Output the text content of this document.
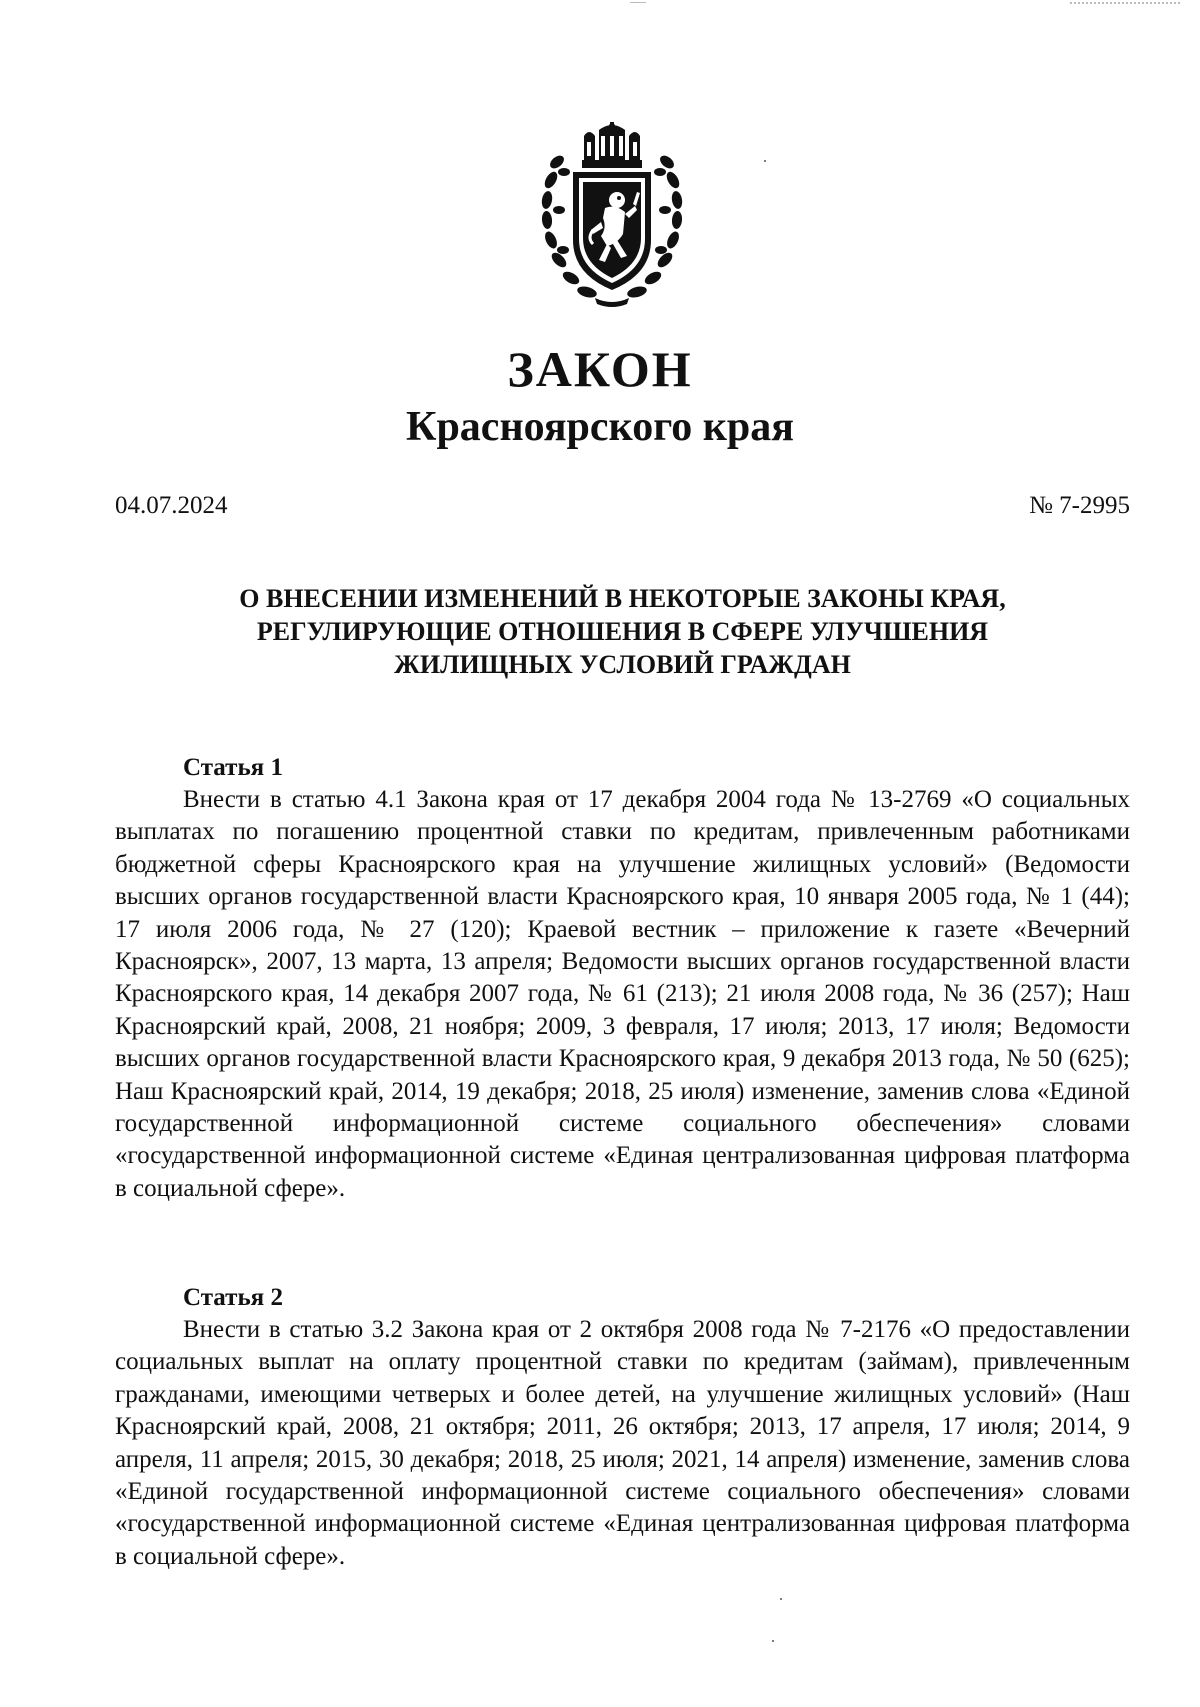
ЗАКОН
Красноярского края
04.07.2024	№ 7-2995
О ВНЕСЕНИИ ИЗМЕНЕНИЙ В НЕКОТОРЫЕ ЗАКОНЫ КРАЯ,
РЕГУЛИРУЮЩИЕ ОТНОШЕНИЯ В СФЕРЕ УЛУЧШЕНИЯ
ЖИЛИЩНЫХ УСЛОВИЙ ГРАЖДАН
Статья 1

Внести в статью 4.1 Закона края от 17 декабря 2004 года № 13-2769 «О социальных выплатах по погашению процентной ставки по кредитам, привлеченным работниками бюджетной сферы Красноярского края на улучшение жилищных условий» (Ведомости высших органов государственной власти Красноярского края, 10 января 2005 года, № 1 (44); 17 июля 2006 года, № 27 (120); Краевой вестник – приложение к газете «Вечерний Красноярск», 2007, 13 марта, 13 апреля; Ведомости высших органов государственной власти Красноярского края, 14 декабря 2007 года, № 61 (213); 21 июля 2008 года, № 36 (257); Наш Красноярский край, 2008, 21 ноября; 2009, 3 февраля, 17 июля; 2013, 17 июля; Ведомости высших органов государственной власти Красноярского края, 9 декабря 2013 года, № 50 (625); Наш Красноярский край, 2014, 19 декабря; 2018, 25 июля) изменение, заменив слова «Единой государственной информационной системе социального обеспечения» словами «государственной информационной системе «Единая централизованная цифровая платформа в социальной сфере».

Статья 2

Внести в статью 3.2 Закона края от 2 октября 2008 года № 7-2176 «О предоставлении социальных выплат на оплату процентной ставки по кредитам (займам), привлеченным гражданами, имеющими четверых и более детей, на улучшение жилищных условий» (Наш Красноярский край, 2008, 21 октября; 2011, 26 октября; 2013, 17 апреля, 17 июля; 2014, 9 апреля, 11 апреля; 2015, 30 декабря; 2018, 25 июля; 2021, 14 апреля) изменение, заменив слова «Единой государственной информационной системе социального обеспечения» словами «государственной информационной системе «Единая централизованная цифровая платформа в социальной сфере».
